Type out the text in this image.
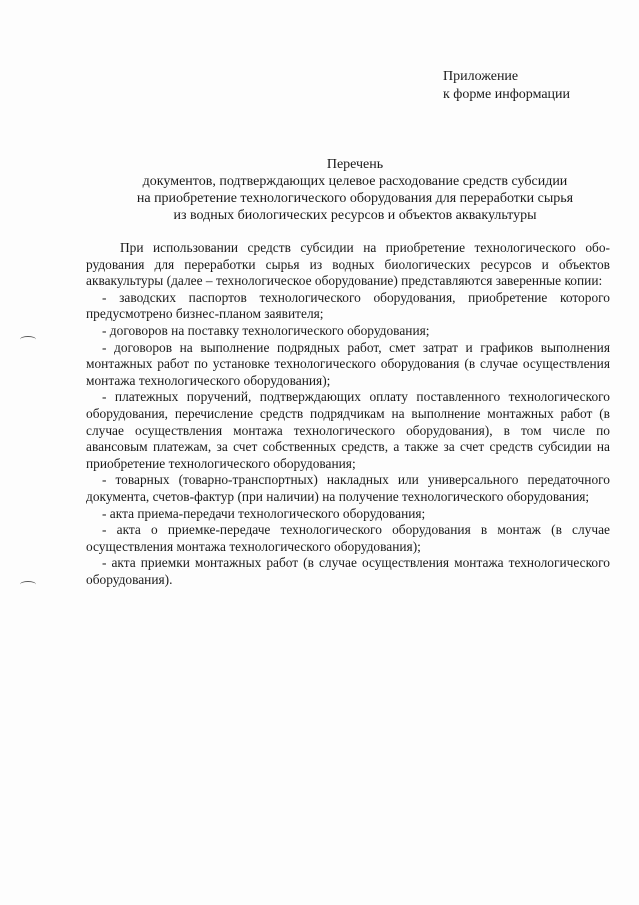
Приложение
к форме информации
Перечень
документов, подтверждающих целевое расходование средств субсидии
на приобретение технологического оборудования для переработки сырья
из водных биологических ресурсов и объектов аквакультуры

При использовании средств субсидии на приобретение технологического оборудования для переработки сырья из водных биологических ресурсов и объектов аквакультуры (далее – технологическое оборудование) представляются заверенные копии:

- заводских паспортов технологического оборудования, приобретение которого предусмотрено бизнес-планом заявителя;

- договоров на поставку технологического оборудования;

- договоров на выполнение подрядных работ, смет затрат и графиков выполнения монтажных работ по установке технологического оборудования (в случае осуществления монтажа технологического оборудования);

- платежных поручений, подтверждающих оплату поставленного технологического оборудования, перечисление средств подрядчикам на выполнение монтажных работ (в случае осуществления монтажа технологического оборудования), в том числе по авансовым платежам, за счет собственных средств, а также за счет средств субсидии на приобретение технологического оборудования;

- товарных (товарно-транспортных) накладных или универсального передаточного документа, счетов-фактур (при наличии) на получение технологического оборудования;

- акта приема-передачи технологического оборудования;

- акта о приемке-передаче технологического оборудования в монтаж (в случае осуществления монтажа технологического оборудования);

- акта приемки монтажных работ (в случае осуществления монтажа технологического оборудования).
